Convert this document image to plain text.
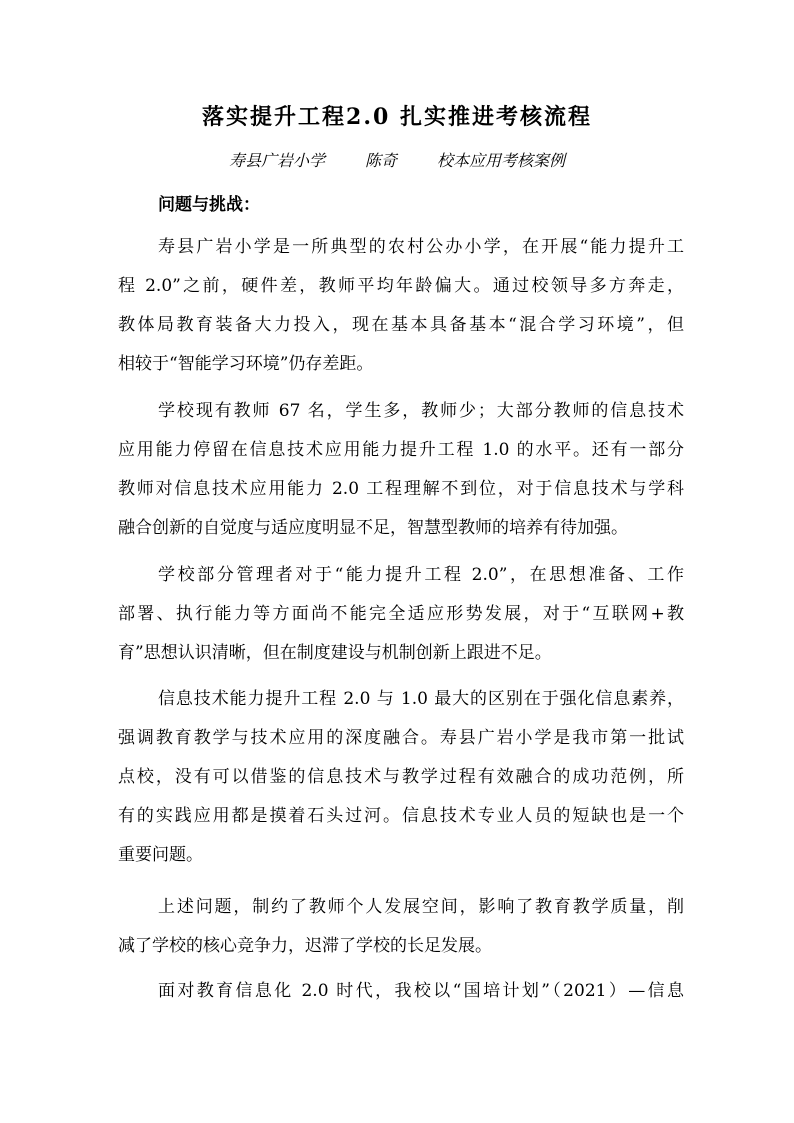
落实提升工程2.0 扎实推进考核流程
寿县广岩小学	陈奇	校本应用考核案例
问题与挑战：
寿县广岩小学是一所典型的农村公办小学，在开展“能力提升工
程 2.0”之前，硬件差，教师平均年龄偏大。通过校领导多方奔走，
教体局教育装备大力投入，现在基本具备基本“混合学习环境”，但
相较于“智能学习环境”仍存差距。
学校现有教师 67 名，学生多，教师少；大部分教师的信息技术
应用能力停留在信息技术应用能力提升工程 1.0 的水平。还有一部分
教师对信息技术应用能力 2.0 工程理解不到位，对于信息技术与学科
融合创新的自觉度与适应度明显不足，智慧型教师的培养有待加强。
学校部分管理者对于“能力提升工程 2.0”，在思想准备、工作
部署、执行能力等方面尚不能完全适应形势发展，对于“互联网+教
育”思想认识清晰，但在制度建设与机制创新上跟进不足。
信息技术能力提升工程 2.0 与 1.0 最大的区别在于强化信息素养，
强调教育教学与技术应用的深度融合。寿县广岩小学是我市第一批试
点校，没有可以借鉴的信息技术与教学过程有效融合的成功范例，所
有的实践应用都是摸着石头过河。信息技术专业人员的短缺也是一个
重要问题。
上述问题，制约了教师个人发展空间，影响了教育教学质量，削
减了学校的核心竞争力，迟滞了学校的长足发展。
面对教育信息化 2.0 时代，我校以“国培计划”（2021）—信息
